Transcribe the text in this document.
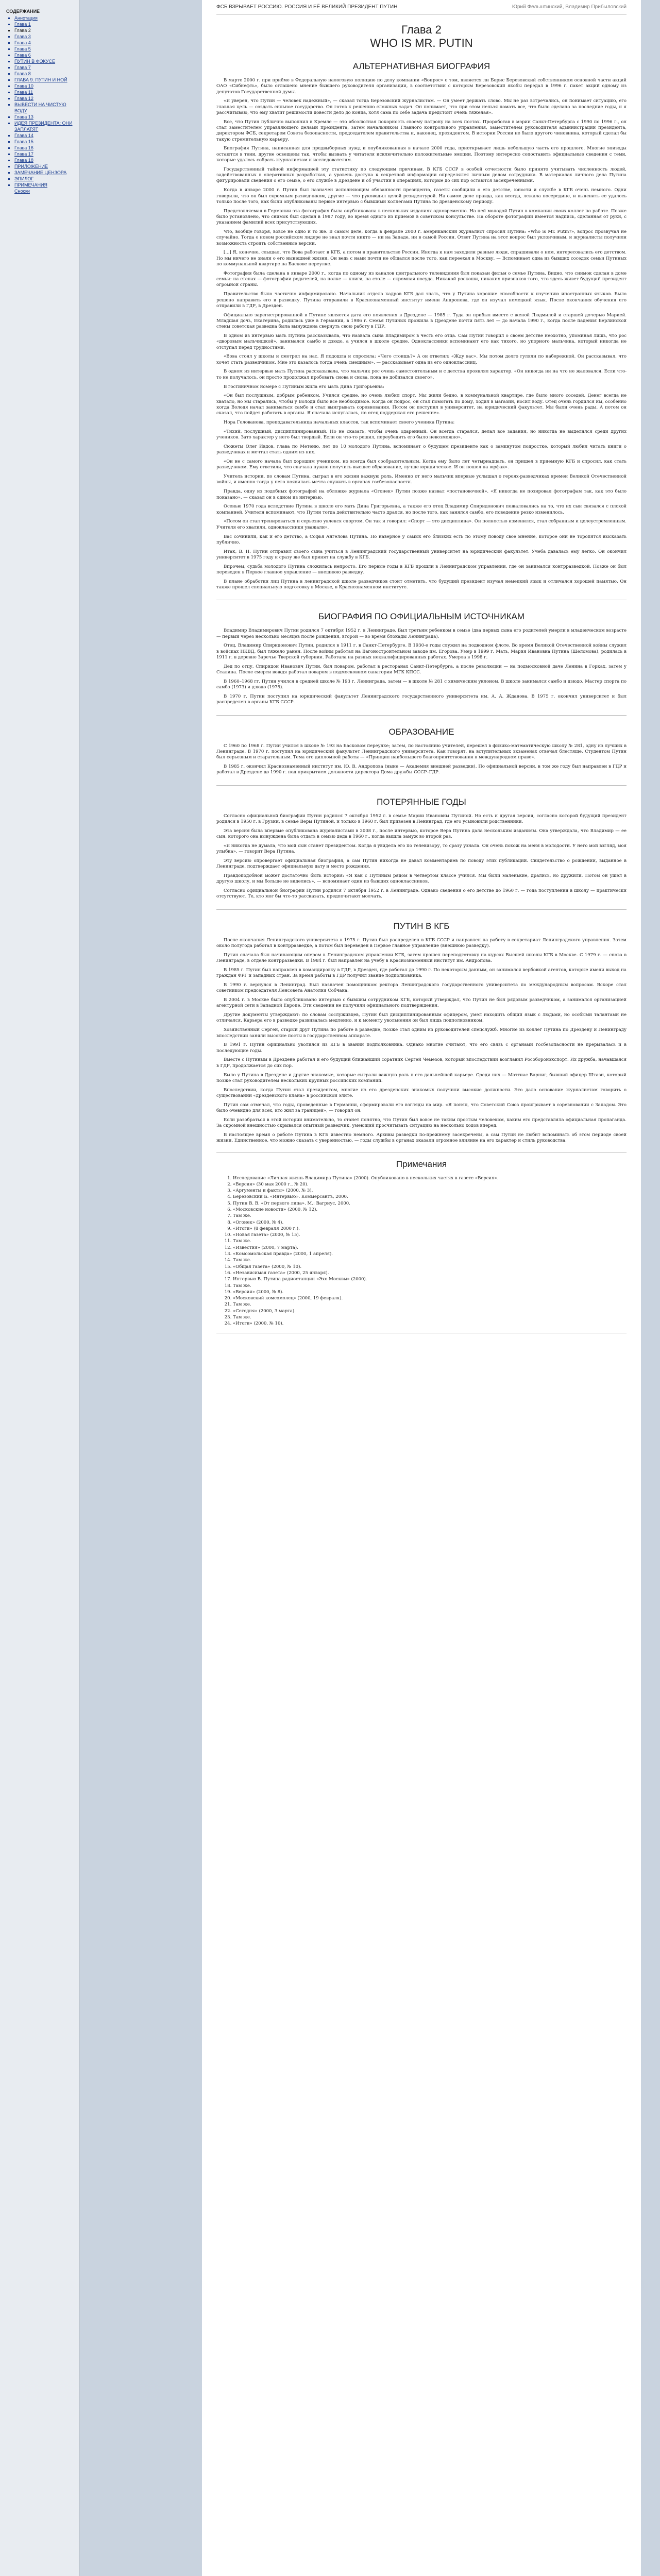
СОДЕРЖАНИЕ
▪ Аннотация
▪ Глава 1
▪ Глава 2
▪ Глава 3
▪ Глава 4
▪ Глава 5
▪ Глава 6
▪ ПУТИН В ФОКУСЕ
▪ Глава 7
▪ Глава 8
▪ ГЛАВА 9. ПУТИН И НОЙ
▪ Глава 10
▪ Глава 11
▪ Глава 12
▪ ВЫВЕСТИ НА ЧИСТУЮ ВОДУ
▪ Глава 13
▪ ИДЕЯ ПРЕЗИДЕНТА: ОНИ ЗАПЛАТЯТ
▪ Глава 14
▪ Глава 15
▪ Глава 16
▪ Глава 17
▪ Глава 18
▪ ПРИЛОЖЕНИЕ
▪ ЗАМЕЧАНИЕ ЦЕНЗОРА
▪ ЭПИЛОГ
▪ ПРИМЕЧАНИЯ
Сноски
ФСБ ВЗРЫВАЕТ РОССИЮ. РОССИЯ И ЕЁ ВЕЛИКИЙ ПРЕЗИДЕНТ ПУТИН	Юрий Фельштинский, Владимир Прибыловский
Глава 2
WHO IS MR. PUTIN
АЛЬТЕРНАТИВНАЯ БИОГРАФИЯ

В марте 2000 г. при приёме в Федеральную налоговую полицию по делу компании «Вопрос» о том, является ли Борис Березовский собственником основной части акций ОАО «Сибнефть», было оглашено мнение бывшего руководителя организации, в соответствии с которым Березовский якобы передал в 1996 г. пакет акций одному из депутатов Государственной думы.

«Я уверен, что Путин — человек надежный», — сказал тогда Березовский журналистам. — Он умеет держать слово. Мы не раз встречались, он понимает ситуацию, его главная цель — создать сильное государство. Он готов к решению сложных задач. Он понимает, что при этом нельзя ломать все, что было сделано за последние годы, и я рассчитываю, что ему хватит решимости довести дело до конца, хотя сама по себе задача предстоит очень тяжелая».

Все, что Путин публично выполнил в Кремле — это абсолютная покорность своему патрону на всех постах. Проработав в мэрии Санкт-Петербурга с 1990 по 1996 г., он стал заместителем управляющего делами президента, затем начальником Главного контрольного управления, заместителем руководителя администрации президента, директором ФСБ, секретарем Совета безопасности, председателем правительства и, наконец, президентом. В истории России не было другого чиновника, который сделал бы такую стремительную карьеру.

Биография Путина, написанная для предвыборных нужд и опубликованная в начале 2000 года, приоткрывает лишь небольшую часть его прошлого. Многие эпизоды остаются в тени, другие освещены так, чтобы вызвать у читателя исключительно положительные эмоции. Поэтому интересно сопоставить официальные сведения с теми, которые удалось собрать журналистам и исследователям.

Государственный тайной информацией эту статистику по следующим причинам. В КГБ СССР в особой отчетности было принято учитывать численность людей, задействованных в оперативных разработках, а уровень доступа к секретной информации определялся личным делом сотрудника. В материалах личного дела Путина фигурировали сведения о его семье, о его службе в Дрездене и об участии в операциях, которые до сих пор остаются засекреченными.

Когда в январе 2000 г. Путин был назначен исполняющим обязанности президента, газеты сообщили о его детстве, юности и службе в КГБ очень немного. Одни говорили, что он был скромным разведчиком, другие — что руководил целой резидентурой. На самом деле правда, как всегда, лежала посередине, и выяснить ее удалось только после того, как были опубликованы первые интервью с бывшими коллегами Путина по дрезденскому периоду.

Представляемая в Германии эта фотография была опубликована в нескольких изданиях одновременно. На ней молодой Путин в компании своих коллег по работе. Позже было установлено, что снимок был сделан в 1987 году, во время одного из приемов в советском консульстве. На обороте фотографии имеется надпись, сделанная от руки, с указанием фамилий всех присутствующих.

Что, вообще говоря, вовсе не одно и то же. В самом деле, когда в феврале 2000 г. американский журналист спросил Путина: «Who is Mr. Putin?», вопрос прозвучал не случайно. Тогда о новом российском лидере не знал почти никто — ни на Западе, ни в самой России. Ответ Путина на этот вопрос был уклончивым, и журналисты получили возможность строить собственные версии.

[...] Я, конечно, слышал, что Вова работает в КГБ, а потом в правительстве России. Иногда к нам заходили разные люди, спрашивали о нем, интересовались его детством. Но мы ничего не знали о его нынешней жизни. Он ведь с нами почти не общался после того, как переехал в Москву. — Вспоминает одна из бывших соседок семьи Путиных по коммунальной квартире на Баскове переулке.

Фотография была сделана в январе 2000 г., когда по одному из каналов центрального телевидения был показан фильм о семье Путина. Видно, что снимок сделан в доме семьи: на стенах — фотографии родителей, на полке — книги, на столе — скромная посуда. Никакой роскоши, никаких признаков того, что здесь живет будущий президент огромной страны.

Правительство было частично информировано. Начальник отдела кадров КГБ дал знать, что у Путина хорошие способности к изучению иностранных языков. Было решено направить его в разведку. Путина отправили в Краснознаменный институт имени Андропова, где он изучал немецкий язык. После окончания обучения его отправили в ГДР, в Дрезден.

Официально зарегистрированной в Путине является дата его появления в Дрездене — 1985 г. Туда он прибыл вместе с женой Людмилой и старшей дочерью Марией. Младшая дочь, Екатерина, родилась уже в Германии, в 1986 г. Семья Путиных прожила в Дрездене почти пять лет — до начала 1990 г., когда после падения Берлинской стены советская разведка была вынуждена свернуть свою работу в ГДР.

В одном из интервью мать Путина рассказывала, что назвала сына Владимиром в честь его отца. Сам Путин говорил о своем детстве неохотно, упоминая лишь, что рос «дворовым мальчишкой», занимался самбо и дзюдо, а учился в школе средне. Одноклассники вспоминают его как тихого, но упорного мальчика, который никогда не отступал перед трудностями.

«Вова стоял у школы и смотрел на нас. Я подошла и спросила: «Чего стоишь?» А он ответил: «Жду вас». Мы потом долго гуляли по набережной. Он рассказывал, что хочет стать разведчиком. Мне это казалось тогда очень смешным», — рассказывает одна из его одноклассниц.

В одном из интервью мать Путина рассказывала, что мальчик рос очень самостоятельным и с детства проявлял характер. «Он никогда ни на что не жаловался. Если что-то не получалось, он просто продолжал пробовать снова и снова, пока не добивался своего».

В гостиничном номере с Путиным жила его мать Дина Григорьевна:

«Он был послушным, добрым ребенком. Учился средне, но очень любил спорт. Мы жили бедно, в коммунальной квартире, где было много соседей. Денег всегда не хватало, но мы старались, чтобы у Володи было все необходимое. Когда он подрос, он стал помогать по дому, ходил в магазин, носил воду. Отец очень гордился им, особенно когда Володя начал заниматься самбо и стал выигрывать соревнования. Потом он поступил в университет, на юридический факультет. Мы были очень рады. А потом он сказал, что пойдет работать в органы. Я сначала испугалась, но отец поддержал его решение».

Нора Голованова, преподавательница начальных классов, так вспоминает своего ученика Путина:

«Тихий, послушный, дисциплинированный. Но не сказать, чтобы очень одаренный. Он всегда старался, делал все задания, но никогда не выделялся среди других учеников. Зато характер у него был твердый. Если он что-то решил, переубедить его было невозможно».

Сюжеты Олег Ивдов, глава по Метеню, лет по 10 молодого Путина, вспоминает о будущем президенте как о замкнутом подростке, который любил читать книги о разведчиках и мечтал стать одним из них.

«Он не с самого начала был хорошим учеником, но всегда был сообразительным. Когда ему было лет четырнадцать, он пришел в приемную КГБ и спросил, как стать разведчиком. Ему ответили, что сначала нужно получить высшее образование, лучше юридическое. И он пошел на юрфак».

Учитель истории, по словам Путина, сыграл в его жизни важную роль. Именно от него мальчик впервые услышал о героях-разведчиках времен Великой Отечественной войны, и именно тогда у него появилась мечта служить в органах госбезопасности.

Правда, одну из подобных фотографий на обложке журнала «Огонек» Путин позже назвал «постановочной». «Я никогда не позировал фотографам так, как это было показано», — сказал он в одном из интервью.

Осенью 1970 года вследствие Путина в школе его мать Дина Григорьевна, а также его отец Владимир Спиридонович пожаловались на то, что их сын связался с плохой компанией. Учителя вспоминают, что Путин тогда действительно часто дрался, но после того, как занялся самбо, его поведение резко изменилось.

«Потом он стал тренироваться и серьезно увлекся спортом. Он так и говорил: «Спорт — это дисциплина». Он полностью изменился, стал собранным и целеустремленным. Учителя его хвалили, одноклассники уважали».

Вас сочинили, как и его детство, а Софья Ангелова Путинa. Но наверное у самых его близких есть по этому поводу свое мнение, которое они не торопятся высказать публично.

Итак, В. Н. Путин отправил своего сына учиться в Ленинградский государственный университет на юридический факультет. Учеба давалась ему легко. Он окончил университет в 1975 году и сразу же был принят на службу в КГБ.

Впрочем, судьба молодого Путина сложилась непросто. Его первые годы в КГБ прошли в Ленинградском управлении, где он занимался контрразведкой. Позже он был переведен в Первое главное управление — внешнюю разведку.

В плане обработки лиц Путина в ленинградской школе разведчиков стоит отметить, что будущий президент изучал немецкий язык и отличался хорошей памятью. Он также прошел специальную подготовку в Москве, в Краснознаменном институте.

БИОГРАФИЯ ПО ОФИЦИАЛЬНЫМ ИСТОЧНИКАМ

Владимир Владимирович Путин родился 7 октября 1952 г. в Ленинграде. Был третьим ребенком в семье (два первых сына его родителей умерли в младенческом возрасте — первый через несколько месяцев после рождения, второй — во время блокады Ленинграда).

Отец, Владимир Спиридонович Путин, родился в 1911 г. в Санкт-Петербурге. В 1930-е годы служил на подводном флоте. Во время Великой Отечественной войны служил в войсках НКВД, был тяжело ранен. После войны работал на Вагоностроительном заводе им. Егорова. Умер в 1999 г. Мать, Мария Ивановна Путина (Шеломова), родилась в 1911 г. в деревне Заречье Тверской губернии. Работала на разных неквалифицированных работах. Умерла в 1998 г.

Дед по отцу, Спиридон Иванович Путин, был поваром, работал в ресторанах Санкт-Петербурга, а после революции — на подмосковной даче Ленина в Горках, затем у Сталина. После смерти вождя работал поваром в подмосковном санатории МГК КПСС.

В 1960–1968 гг. Путин учился в средней школе № 193 г. Ленинграда, затем — в школе № 281 с химическим уклоном. В школе занимался самбо и дзюдо. Мастер спорта по самбо (1973) и дзюдо (1975).

В 1970 г. Путин поступил на юридический факультет Ленинградского государственного университета им. А. А. Жданова. В 1975 г. окончил университет и был распределен в органы КГБ СССР.

ОБРАЗОВАНИЕ

С 1960 по 1968 г. Путин учился в школе № 193 на Басковом переулке; затем, по настоянию учителей, перешел в физико-математическую школу № 281, одну из лучших в Ленинграде. В 1970 г. поступил на юридический факультет Ленинградского университета. Как говорят, на вступительных экзаменах отвечал блестяще. Студентом Путин был серьезным и старательным. Тема его дипломной работы — «Принцип наибольшего благоприятствования в международном праве».

В 1985 г. окончил Краснознаменный институт им. Ю. В. Андропова (ныне — Академия внешней разведки). По официальной версии, в том же году был направлен в ГДР и работал в Дрездене до 1990 г. под прикрытием должности директора Дома дружбы СССР–ГДР.

ПОТЕРЯННЫЕ ГОДЫ

Согласно официальной биографии Путин родился 7 октября 1952 г. в семье Марии Ивановны Путиной. Но есть и другая версия, согласно которой будущий президент родился в 1950 г. в Грузии, в семье Веры Путиной, и только в 1960 г. был привезен в Ленинград, где его усыновили родственники.

Эта версия была впервые опубликована журналистами в 2008 г., после интервью, которое Вера Путина дала нескольким изданиям. Она утверждала, что Владимир — ее сын, которого она вынуждена была отдать в семью деда в 1960 г., когда вышла замуж во второй раз.

«Я никогда не думала, что мой сын станет президентом. Когда я увидела его по телевизору, то сразу узнала. Он очень похож на меня в молодости. У него мой взгляд, моя улыбка», — говорит Вера Путина.

Эту версию опровергает официальная биография, а сам Путин никогда не давал комментариев по поводу этих публикаций. Свидетельство о рождении, выданное в Ленинграде, подтверждает официальную дату и место рождения.

Правдоподобной может достаточно быть история: «Я как с Путиным рядом в четвертом классе учился. Мы были маленькие, дрались, но дружили. Потом он ушел в другую школу, и мы больше не виделись», — вспоминает один из бывших одноклассников.

Согласно официальной биографии Путин родился 7 октября 1952 г. в Ленинграде. Однако сведения о его детстве до 1960 г. — года поступления в школу — практически отсутствуют. Те, кто мог бы что-то рассказать, предпочитают молчать.

ПУТИН В КГБ

После окончания Ленинградского университета в 1975 г. Путин был распределен в КГБ СССР и направлен на работу в секретариат Ленинградского управления. Затем около полугода работал в контрразведке, а потом был переведен в Первое главное управление (внешнюю разведку).

Путин сначала был начинающим опером в Ленинградском управлении КГБ, затем прошел переподготовку на курсах Высшей школы КГБ в Москве. С 1979 г. — снова в Ленинграде, в отделе контрразведки. В 1984 г. был направлен на учебу в Краснознаменный институт им. Андропова.

В 1985 г. Путин был направлен в командировку в ГДР, в Дрезден, где работал до 1990 г. По некоторым данным, он занимался вербовкой агентов, которые имели выход на граждан ФРГ и западных стран. За время работы в ГДР получил звание подполковника.

В 1990 г. вернулся в Ленинград. Был назначен помощником ректора Ленинградского государственного университета по международным вопросам. Вскоре стал советником председателя Ленсовета Анатолия Собчака.

В 2004 г. в Москве было опубликовано интервью с бывшим сотрудником КГБ, который утверждал, что Путин не был рядовым разведчиком, а занимался организацией агентурной сети в Западной Европе. Эти сведения не получили официального подтверждения.

Другие документы утверждают: по словам сослуживцев, Путин был дисциплинированным офицером, умел находить общий язык с людьми, но особыми талантами не отличался. Карьера его в разведке развивалась медленно, и к моменту увольнения он был лишь подполковником.

Хозяйственный Сергей, старый друг Путина по работе в разведке, позже стал одним из руководителей спецслужб. Многие из коллег Путина по Дрездену и Ленинграду впоследствии заняли высокие посты в государственном аппарате.

В 1991 г. Путин официально уволился из КГБ в звании подполковника. Однако многие считают, что его связь с органами госбезопасности не прерывалась и в последующие годы.

Вместе с Путиным в Дрездене работал и его будущий ближайший соратник Сергей Чемезов, который впоследствии возглавил Рособоронэкспорт. Их дружба, начавшаяся в ГДР, продолжается до сих пор.

Было у Путина в Дрездене и другие знакомые, которые сыграли важную роль в его дальнейшей карьере. Среди них — Маттиас Варниг, бывший офицер Штази, который позже стал руководителем нескольких крупных российских компаний.

Впоследствии, когда Путин стал президентом, многие из его дрезденских знакомых получили высокие должности. Это дало основание журналистам говорить о существовании «дрезденского клана» в российской элите.

Путин сам отмечал, что годы, проведенные в Германии, сформировали его взгляды на мир. «Я понял, что Советский Союз проигрывает в соревновании с Западом. Это было очевидно для всех, кто жил за границей», — говорил он.

Если разобраться в этой истории внимательно, то станет понятно, что Путин был вовсе не таким простым человеком, каким его представляла официальная пропаганда. За скромной внешностью скрывался опытный разведчик, умеющий просчитывать ситуацию на несколько ходов вперед.

В настоящее время о работе Путина в КГБ известно немного. Архивы разведки по-прежнему засекречены, а сам Путин не любит вспоминать об этом периоде своей жизни. Единственное, что можно сказать с уверенностью, — годы службы в органах оказали огромное влияние на его характер и стиль руководства.

Примечания
1. Исследование «Личная жизнь Владимира Путина» (2000). Опубликовано в нескольких частях в газете «Версия».
2. «Версия» (30 мая 2000 г., № 20).
3. «Аргументы и факты» (2000, № 3).
4. Березовский Б. «Интервью». Коммерсантъ, 2000.
5. Путин В. В. «От первого лица». М.: Вагриус, 2000.
6. «Московские новости» (2000, № 12).
7. Там же.
8. «Огонек» (2000, № 4).
9. «Итоги» (8 февраля 2000 г.).
10. «Новая газета» (2000, № 15).
11. Там же.
12. «Известия» (2000, 7 марта).
13. «Комсомольская правда» (2000, 1 апреля).
14. Там же.
15. «Общая газета» (2000, № 10).
16. «Независимая газета» (2000, 25 января).
17. Интервью В. Путина радиостанции «Эхо Москвы» (2000).
18. Там же.
19. «Версия» (2000, № 8).
20. «Московский комсомолец» (2000, 19 февраля).
21. Там же.
22. «Сегодня» (2000, 3 марта).
23. Там же.
24. «Итоги» (2000, № 10).
